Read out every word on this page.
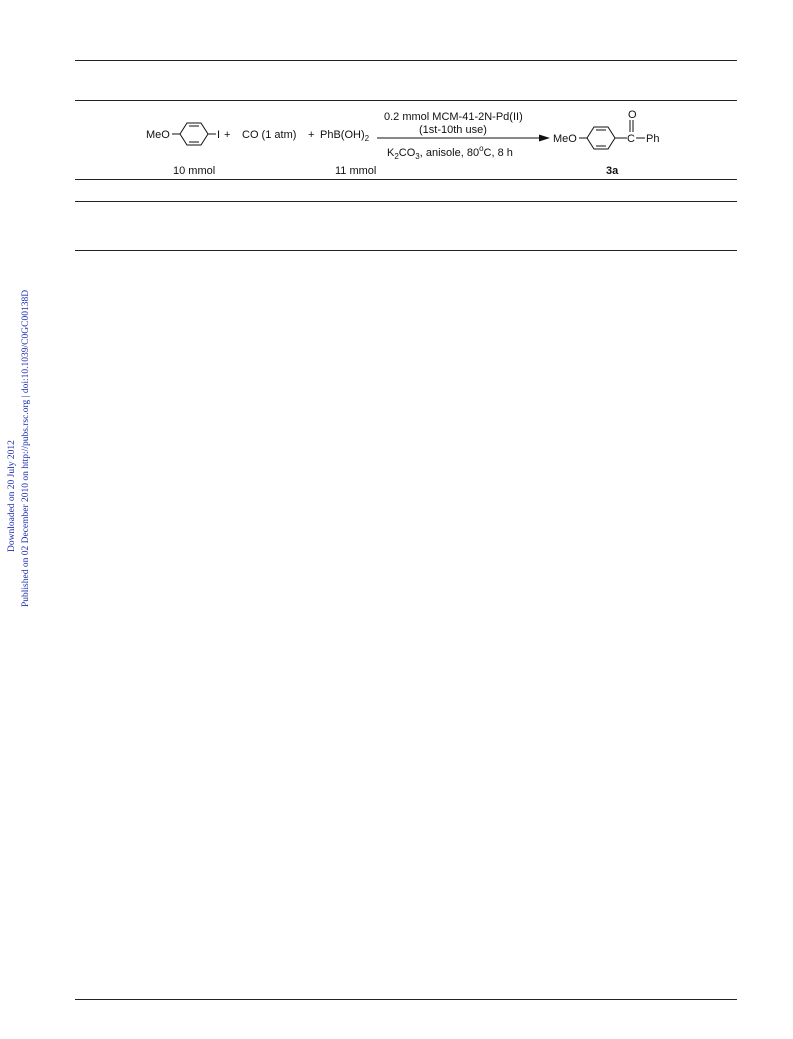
Downloaded on 20 July 2012 Published on 02 December 2010 on http://pubs.rsc.org | doi:10.1039/C0GC00138D
MeO	I +
10 mmol
CO (1 $atm) + PhB(OH)_2$
11 mmol
0.2 mmol MCM-41-2N-Pd(II)
(1st-10th use)
$K_2CO_3$, anisole, 80$^o$C, 8 h
MeO	C
O
Ph
3a
